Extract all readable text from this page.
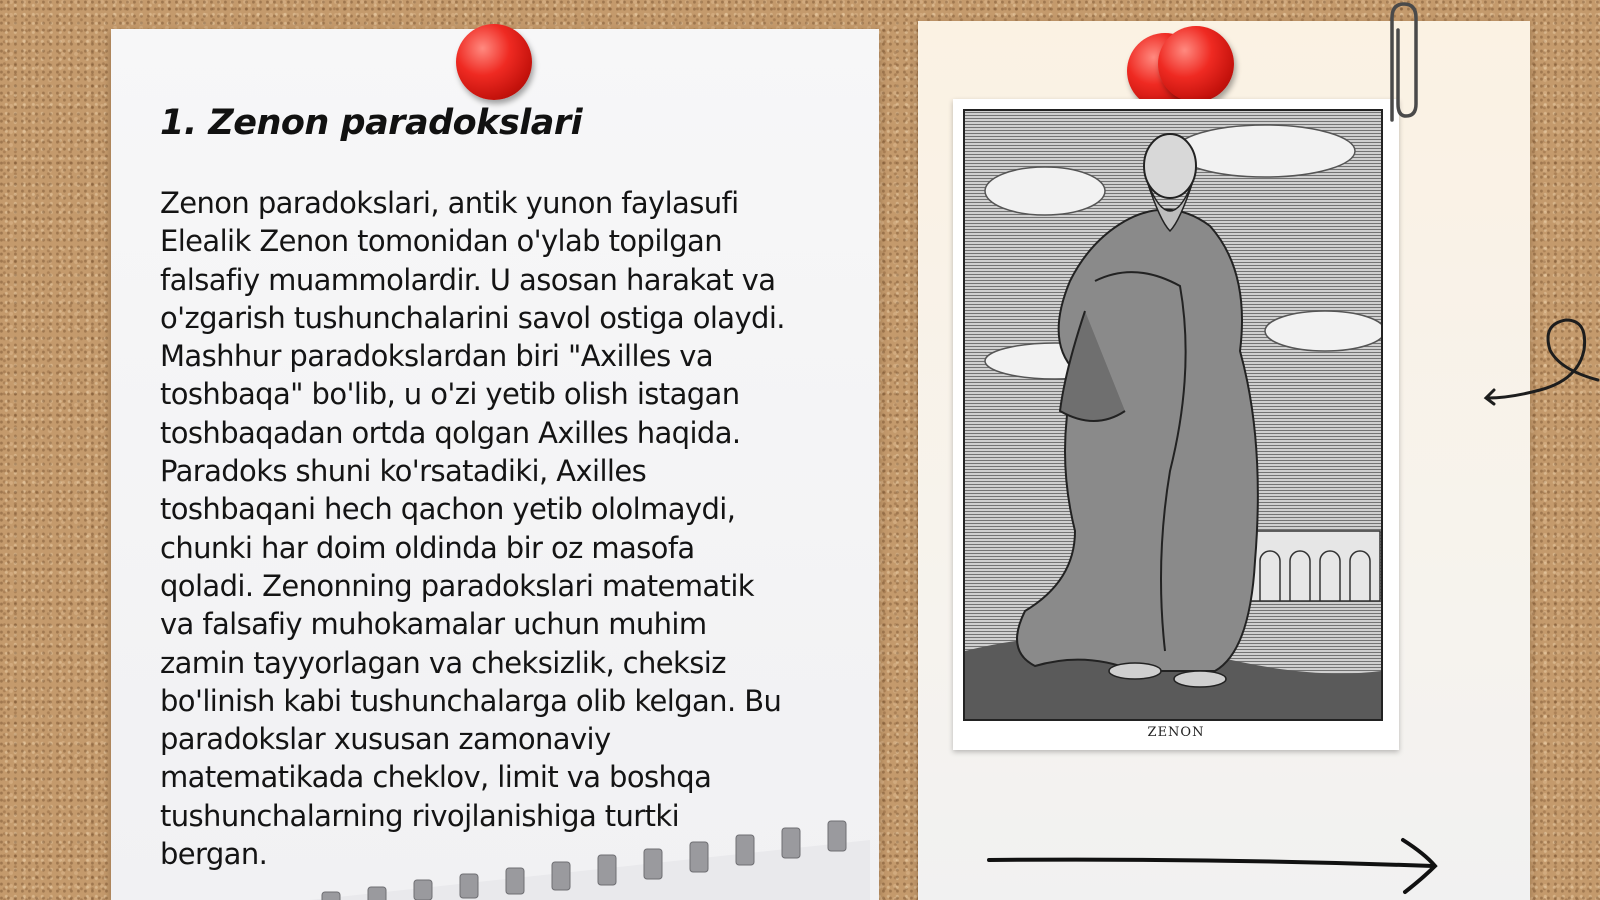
1. Zenon paradokslari

Zenon paradokslari, antik yunon faylasufi
Elealik Zenon tomonidan o'ylab topilgan
falsafiy muammolardir. U asosan harakat va
o'zgarish tushunchalarini savol ostiga olaydi.
Mashhur paradokslardan biri "Axilles va
toshbaqa" bo'lib, u o'zi yetib olish istagan
toshbaqadan ortda qolgan Axilles haqida.
Paradoks shuni ko'rsatadiki, Axilles
toshbaqani hech qachon yetib ololmaydi,
chunki har doim oldinda bir oz masofa
qoladi. Zenonning paradokslari matematik
va falsafiy muhokamalar uchun muhim
zamin tayyorlagan va cheksizlik, cheksiz
bo'linish kabi tushunchalarga olib kelgan. Bu
paradokslar xususan zamonaviy
matematikada cheklov, limit va boshqa
tushunchalarning rivojlanishiga turtki
bergan.

ZENON
